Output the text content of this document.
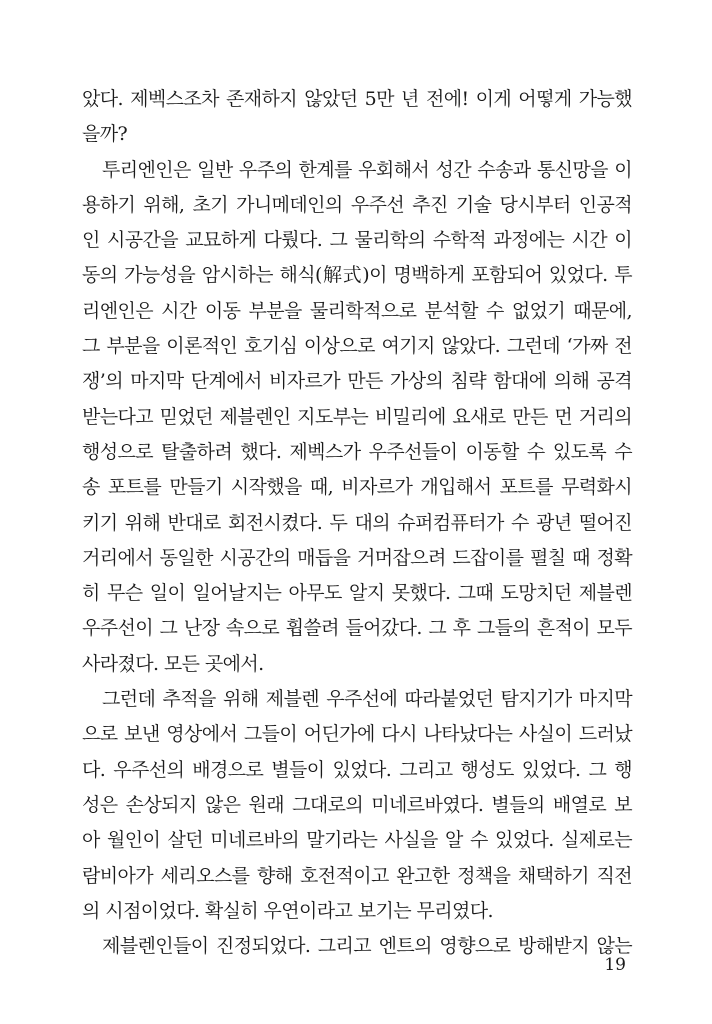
았다. 제벡스조차 존재하지 않았던 5만 년 전에! 이게 어떻게 가능했
을까?
투리엔인은 일반 우주의 한계를 우회해서 성간 수송과 통신망을 이
용하기 위해, 초기 가니메데인의 우주선 추진 기술 당시부터 인공적
인 시공간을 교묘하게 다뤘다. 그 물리학의 수학적 과정에는 시간 이
동의 가능성을 암시하는 해식(解式)이 명백하게 포함되어 있었다. 투
리엔인은 시간 이동 부분을 물리학적으로 분석할 수 없었기 때문에,
그 부분을 이론적인 호기심 이상으로 여기지 않았다. 그런데 ‘가짜 전
쟁’의 마지막 단계에서 비자르가 만든 가상의 침략 함대에 의해 공격
받는다고 믿었던 제블렌인 지도부는 비밀리에 요새로 만든 먼 거리의
행성으로 탈출하려 했다. 제벡스가 우주선들이 이동할 수 있도록 수
송 포트를 만들기 시작했을 때, 비자르가 개입해서 포트를 무력화시
키기 위해 반대로 회전시켰다. 두 대의 슈퍼컴퓨터가 수 광년 떨어진
거리에서 동일한 시공간의 매듭을 거머잡으려 드잡이를 펼칠 때 정확
히 무슨 일이 일어날지는 아무도 알지 못했다. 그때 도망치던 제블렌
우주선이 그 난장 속으로 휩쓸려 들어갔다. 그 후 그들의 흔적이 모두
사라졌다. 모든 곳에서.
그런데 추적을 위해 제블렌 우주선에 따라붙었던 탐지기가 마지막
으로 보낸 영상에서 그들이 어딘가에 다시 나타났다는 사실이 드러났
다. 우주선의 배경으로 별들이 있었다. 그리고 행성도 있었다. 그 행
성은 손상되지 않은 원래 그대로의 미네르바였다. 별들의 배열로 보
아 월인이 살던 미네르바의 말기라는 사실을 알 수 있었다. 실제로는
람비아가 세리오스를 향해 호전적이고 완고한 정책을 채택하기 직전
의 시점이었다. 확실히 우연이라고 보기는 무리였다.
제블렌인들이 진정되었다. 그리고 엔트의 영향으로 방해받지 않는
19
